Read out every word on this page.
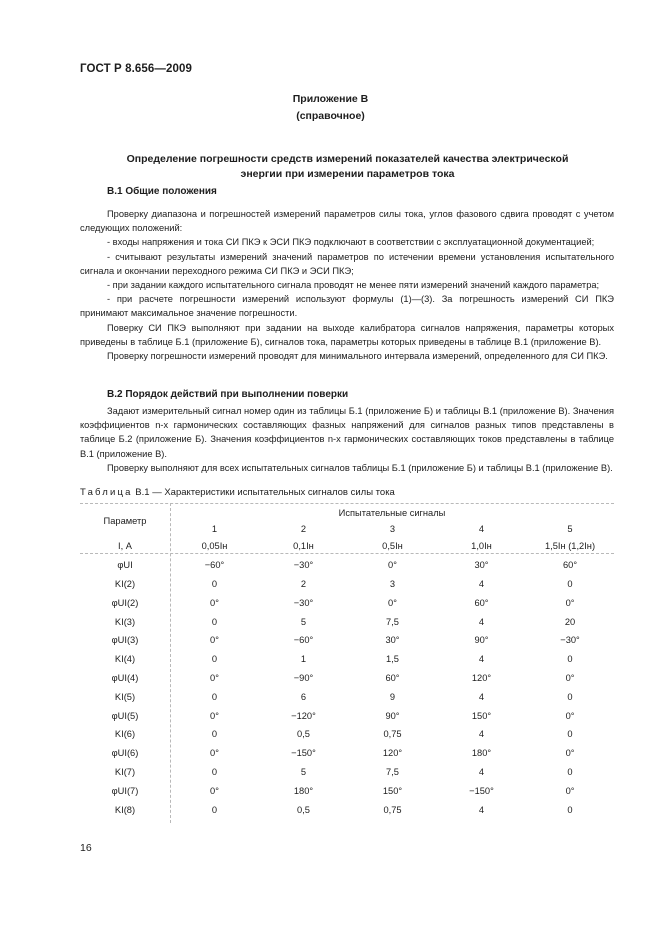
ГОСТ Р 8.656—2009
Приложение В
(справочное)
Определение погрешности средств измерений показателей качества электрической энергии при измерении параметров тока
В.1 Общие положения

Проверку диапазона и погрешностей измерений параметров силы тока, углов фазового сдвига проводят с учетом следующих положений:

- входы напряжения и тока СИ ПКЭ к ЭСИ ПКЭ подключают в соответствии с эксплуатационной документацией;

- считывают результаты измерений значений параметров по истечении времени установления испытательного сигнала и окончании переходного режима СИ ПКЭ и ЭСИ ПКЭ;

- при задании каждого испытательного сигнала проводят не менее пяти измерений значений каждого параметра;

- при расчете погрешности измерений используют формулы (1)—(3). За погрешность измерений СИ ПКЭ принимают максимальное значение погрешности.

Поверку СИ ПКЭ выполняют при задании на выходе калибратора сигналов напряжения, параметры которых приведены в таблице Б.1 (приложение Б), сигналов тока, параметры которых приведены в таблице В.1 (приложение В).

Проверку погрешности измерений проводят для минимального интервала измерений, определенного для СИ ПКЭ.

В.2 Порядок действий при выполнении поверки

Задают измерительный сигнал номер один из таблицы Б.1 (приложение Б) и таблицы В.1 (приложение В). Значения коэффициентов n-x гармонических составляющих фазных напряжений для сигналов разных типов представлены в таблице Б.2 (приложение Б). Значения коэффициентов n-x гармонических составляющих токов представлены в таблице В.1 (приложение В).

Проверку выполняют для всех испытательных сигналов таблицы Б.1 (приложение Б) и таблицы В.1 (приложение В).

Таблица В.1 — Характеристики испытательных сигналов силы тока
Параметр	Испытательные сигналы				
	1	2	3	4	5
I, А	0,05Iн	0,1Iн	0,5Iн	1,0Iн	1,5Iн (1,2Iн)
φUI	−60°	−30°	0°	30°	60°
KI(2)	0	2	3	4	0
φUI(2)	0°	−30°	0°	60°	0°
KI(3)	0	5	7,5	4	20
φUI(3)	0°	−60°	30°	90°	−30°
KI(4)	0	1	1,5	4	0
φUI(4)	0°	−90°	60°	120°	0°
KI(5)	0	6	9	4	0
φUI(5)	0°	−120°	90°	150°	0°
KI(6)	0	0,5	0,75	4	0
φUI(6)	0°	−150°	120°	180°	0°
KI(7)	0	5	7,5	4	0
φUI(7)	0°	180°	150°	−150°	0°
KI(8)	0	0,5	0,75	4	0
16
